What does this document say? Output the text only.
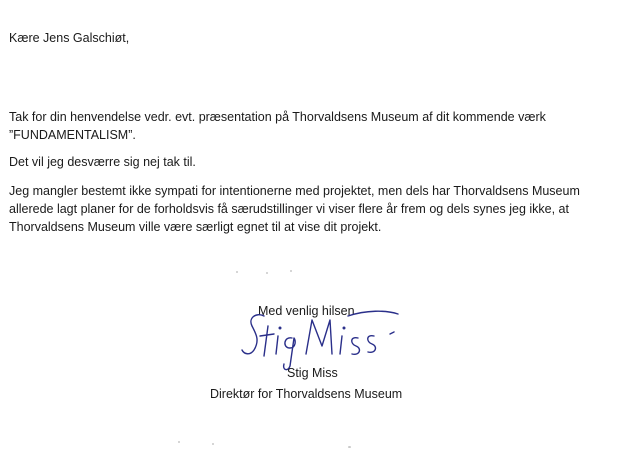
Kære Jens Galschiøt,
Tak for din henvendelse vedr. evt. præsentation på Thorvaldsens Museum af dit kommende værk
”FUNDAMENTALISM”.
Det vil jeg desværre sig nej tak til.
Jeg mangler bestemt ikke sympati for intentionerne med projektet, men dels har Thorvaldsens Museum
allerede lagt planer for de forholdsvis få særudstillinger vi viser flere år frem og dels synes jeg ikke, at
Thorvaldsens Museum ville være særligt egnet til at vise dit projekt.
Med venlig hilsen
Stig Miss
Direktør for Thorvaldsens Museum
